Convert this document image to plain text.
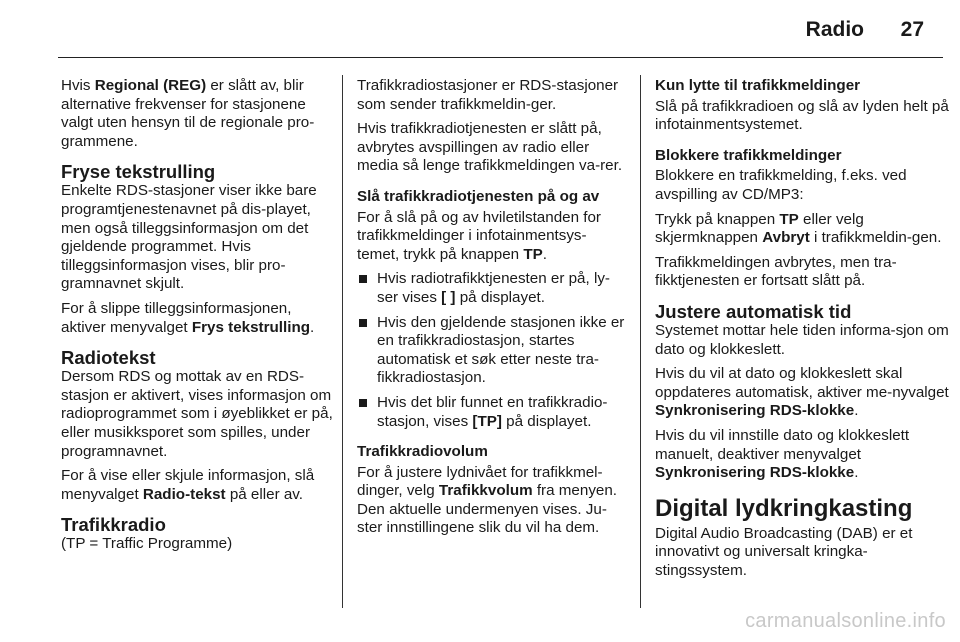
Radio 27

Hvis Regional (REG) er slått av, blir alternative frekvenser for stasjonene valgt uten hensyn til de regionale pro-grammene.

Fryse tekstrulling

Enkelte RDS-stasjoner viser ikke bare programtjenestenavnet på dis-playet, men også tilleggsinformasjon om det gjeldende programmet. Hvis tilleggsinformasjon vises, blir pro-gramnavnet skjult.

For å slippe tilleggsinformasjonen, aktiver menyvalget Frys tekstrulling.

Radiotekst

Dersom RDS og mottak av en RDS-stasjon er aktivert, vises informasjon om radioprogrammet som i øyeblikket er på, eller musikksporet som spilles, under programnavnet.

For å vise eller skjule informasjon, slå menyvalget Radio-tekst på eller av.

Trafikkradio

(TP = Traffic Programme)

Trafikkradiostasjoner er RDS-stasjoner som sender trafikkmeldin-ger.

Hvis trafikkradiotjenesten er slått på, avbrytes avspillingen av radio eller media så lenge trafikkmeldingen va-rer.

Slå trafikkradiotjenesten på og av

For å slå på og av hviletilstanden for trafikkmeldinger i infotainmentsys-temet, trykk på knappen TP.

Hvis radiotrafikktjenesten er på, ly-ser vises [ ] på displayet.
Hvis den gjeldende stasjonen ikke er en trafikkradiostasjon, startes automatisk et søk etter neste tra-fikkradiostasjon.
Hvis det blir funnet en trafikkradio-stasjon, vises [TP] på displayet.

Trafikkradiovolum

For å justere lydnivået for trafikkmel-dinger, velg Trafikkvolum fra menyen. Den aktuelle undermenyen vises. Ju-ster innstillingene slik du vil ha dem.

Kun lytte til trafikkmeldinger

Slå på trafikkradioen og slå av lyden helt på infotainmentsystemet.

Blokkere trafikkmeldinger

Blokkere en trafikkmelding, f.eks. ved avspilling av CD/MP3:

Trykk på knappen TP eller velg skjermknappen Avbryt i trafikkmeldin-gen.

Trafikkmeldingen avbrytes, men tra-fikktjenesten er fortsatt slått på.

Justere automatisk tid

Systemet mottar hele tiden informa-sjon om dato og klokkeslett.

Hvis du vil at dato og klokkeslett skal oppdateres automatisk, aktiver me-nyvalget Synkronisering RDS-klokke.

Hvis du vil innstille dato og klokkeslett manuelt, deaktiver menyvalget Synkronisering RDS-klokke.

Digital lydkringkasting

Digital Audio Broadcasting (DAB) er et innovativt og universalt kringka-stingssystem.

carmanualsonline.info
